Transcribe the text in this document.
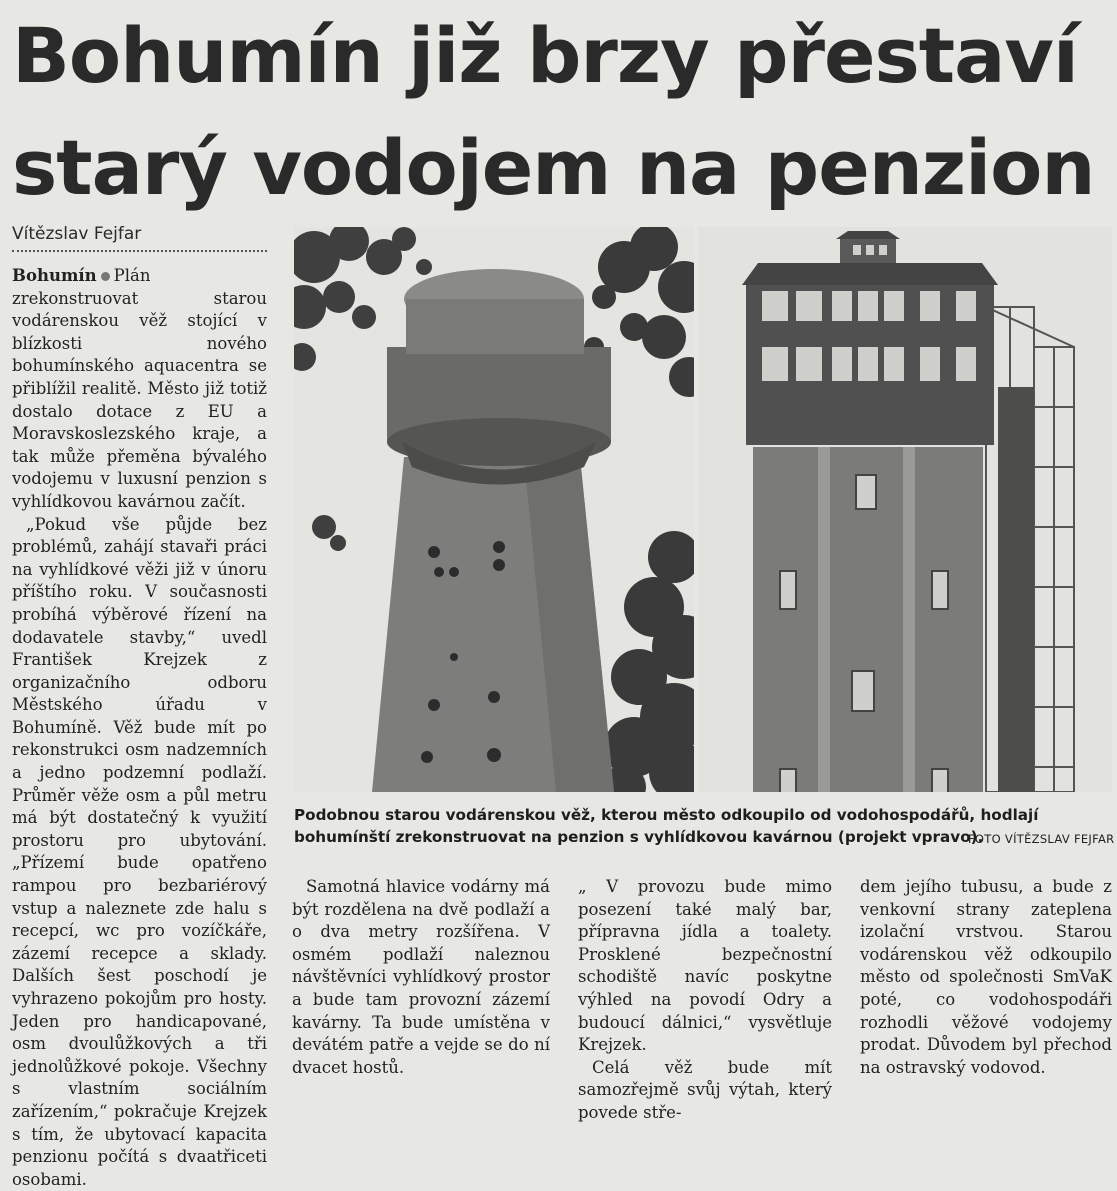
Bohumín již brzy přestaví
starý vodojem na penzion
Vítězslav Fejfar

Bohumín Plán zrekonstruovat starou vodárenskou věž stojící v blízkosti nového bohumínského aquacentra se přiblížil realitě. Město již totiž dostalo dotace z EU a Moravskoslezského kraje, a tak může přeměna bývalého vodojemu v luxusní penzion s vyhlídkovou kavárnou začít.

„Pokud vše půjde bez problémů, zahájí stavaři práci na vyhlídkové věži již v únoru příštího roku. V současnosti probíhá výběrové řízení na dodavatele stavby,“ uvedl František Krejzek z organizačního odboru Městského úřadu v Bohumíně. Věž bude mít po rekonstrukci osm nadzemních a jedno podzemní podlaží. Průměr věže osm a půl metru má být dostatečný k využití prostoru pro ubytování. „Přízemí bude opatřeno rampou pro bezbariérový vstup a naleznete zde halu s recepcí, wc pro vozíčkáře, zázemí recepce a sklady. Dalších šest poschodí je vyhrazeno pokojům pro hosty. Jeden pro handicapované, osm dvoulůžkových a tři jednolůžkové pokoje. Všechny s vlastním sociálním zařízením,“ pokračuje Krejzek s tím, že ubytovací kapacita penzionu počítá s dvaatřiceti osobami.

Podobnou starou vodárenskou věž, kterou město odkoupilo od vodohospodářů, hodlají bohumínští zrekonstruovat na penzion s vyhlídkovou kavárnou (projekt vpravo).
FOTO VÍTĚZSLAV FEJFAR

Samotná hlavice vodárny má být rozdělena na dvě podlaží a o dva metry rozšířena. V osmém podlaží naleznou návštěvníci vyhlídkový prostor a bude tam provozní zázemí kavárny. Ta bude umístěna v devátém patře a vejde se do ní dvacet hostů.

„ V provozu bude mimo posezení také malý bar, přípravna jídla a toalety. Prosklené bezpečnostní schodiště navíc poskytne výhled na povodí Odry a budoucí dálnici,“ vysvětluje Krejzek.

Celá věž bude mít samozřejmě svůj výtah, který povede stře-

dem jejího tubusu, a bude z venkovní strany zateplena izolační vrstvou. Starou vodárenskou věž odkoupilo město od společnosti SmVaK poté, co vodohospodáři rozhodli věžové vodojemy prodat. Důvodem byl přechod na ostravský vodovod.
